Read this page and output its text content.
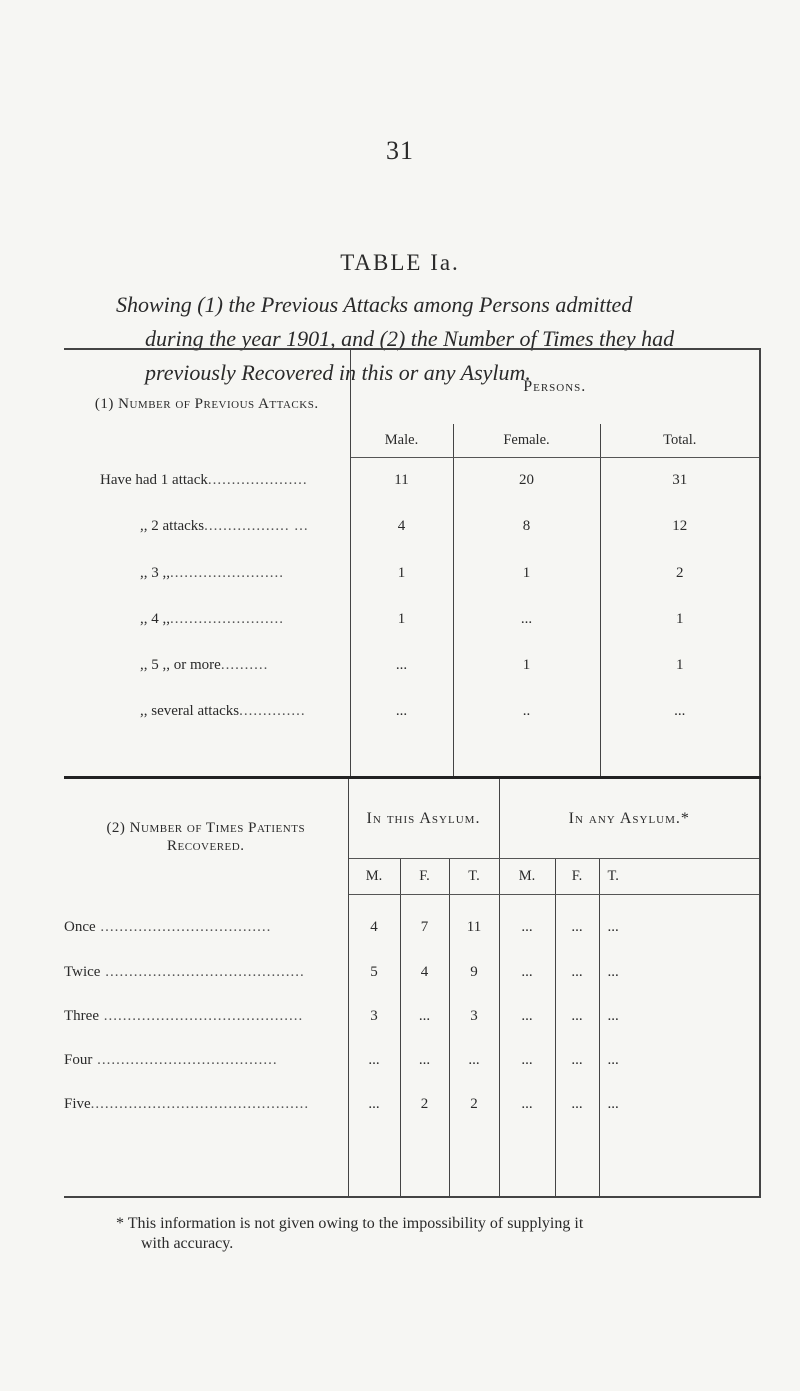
31
TABLE Ia.
Showing (1) the Previous Attacks among Persons admitted
during the year 1901, and (2) the Number of Times they had
previously Recovered in this or any Asylum.
(1) Number of Previous Attacks.	Persons.		
	Male.	Female.	Total.
Have had 1 attack.....................	11	20	31
,, 2 attacks.................. ...	4	8	12
,, 3 ,,........................	1	1	2
,, 4 ,,........................	1	...	1
,, 5 ,, or more..........	...	1	1
,, several attacks..............	...	..	...

(2) Number of Times Patients
Recovered.	In this Asylum.			In any Asylum.*		
	M.	F.	T.	M.	F.	T.
Once ....................................	4	7	11	...	...	...
Twice ..........................................	5	4	9	...	...	...
Three ..........................................	3	...	3	...	...	...
Four ......................................	...	...	...	...	...	...
Five..............................................	...	2	2	...	...	...

* This information is not given owing to the impossibility of supplying it
with accuracy.
